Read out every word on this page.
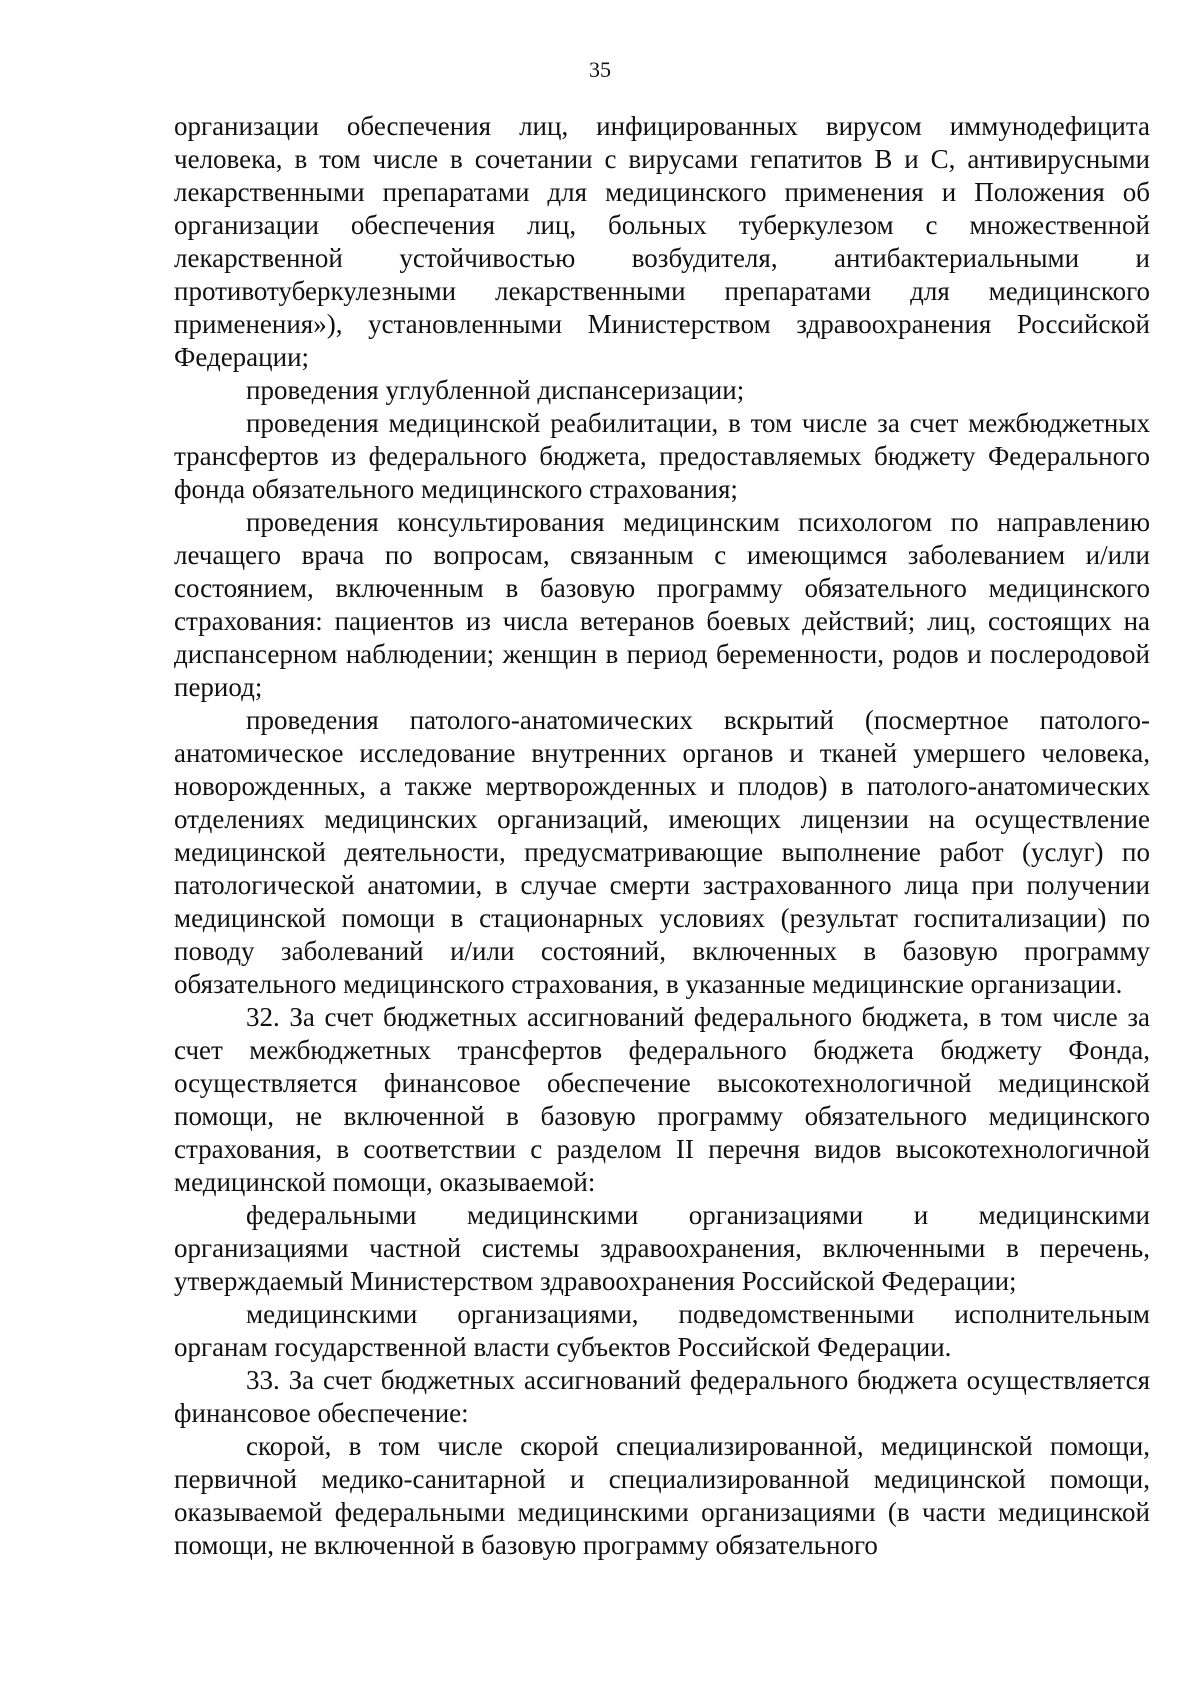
35

организации обеспечения лиц, инфицированных вирусом иммунодефицита человека, в том числе в сочетании с вирусами гепатитов В и С, антивирусными лекарственными препаратами для медицинского применения и Положения об организации обеспечения лиц, больных туберкулезом с множественной лекарственной устойчивостью возбудителя, антибактериальными и противотуберкулезными лекарственными препаратами для медицинского применения»), установленными Министерством здравоохранения Российской Федерации;

проведения углубленной диспансеризации;

проведения медицинской реабилитации, в том числе за счет межбюджетных трансфертов из федерального бюджета, предоставляемых бюджету Федерального фонда обязательного медицинского страхования;

проведения консультирования медицинским психологом по направлению лечащего врача по вопросам, связанным с имеющимся заболеванием и/или состоянием, включенным в базовую программу обязательного медицинского страхования: пациентов из числа ветеранов боевых действий; лиц, состоящих на диспансерном наблюдении; женщин в период беременности, родов и послеродовой период;

проведения патолого-анатомических вскрытий (посмертное патолого-анатомическое исследование внутренних органов и тканей умершего человека, новорожденных, а также мертворожденных и плодов) в патолого-анатомических отделениях медицинских организаций, имеющих лицензии на осуществление медицинской деятельности, предусматривающие выполнение работ (услуг) по патологической анатомии, в случае смерти застрахованного лица при получении медицинской помощи в стационарных условиях (результат госпитализации) по поводу заболеваний и/или состояний, включенных в базовую программу обязательного медицинского страхования, в указанные медицинские организации.

32. За счет бюджетных ассигнований федерального бюджета, в том числе за счет межбюджетных трансфертов федерального бюджета бюджету Фонда, осуществляется финансовое обеспечение высокотехнологичной медицинской помощи, не включенной в базовую программу обязательного медицинского страхования, в соответствии с разделом II перечня видов высокотехнологичной медицинской помощи, оказываемой:

федеральными медицинскими организациями и медицинскими организациями частной системы здравоохранения, включенными в перечень, утверждаемый Министерством здравоохранения Российской Федерации;

медицинскими организациями, подведомственными исполнительным органам государственной власти субъектов Российской Федерации.

33. За счет бюджетных ассигнований федерального бюджета осуществляется финансовое обеспечение:

скорой, в том числе скорой специализированной, медицинской помощи, первичной медико-санитарной и специализированной медицинской помощи, оказываемой федеральными медицинскими организациями (в части медицинской помощи, не включенной в базовую программу обязательного
